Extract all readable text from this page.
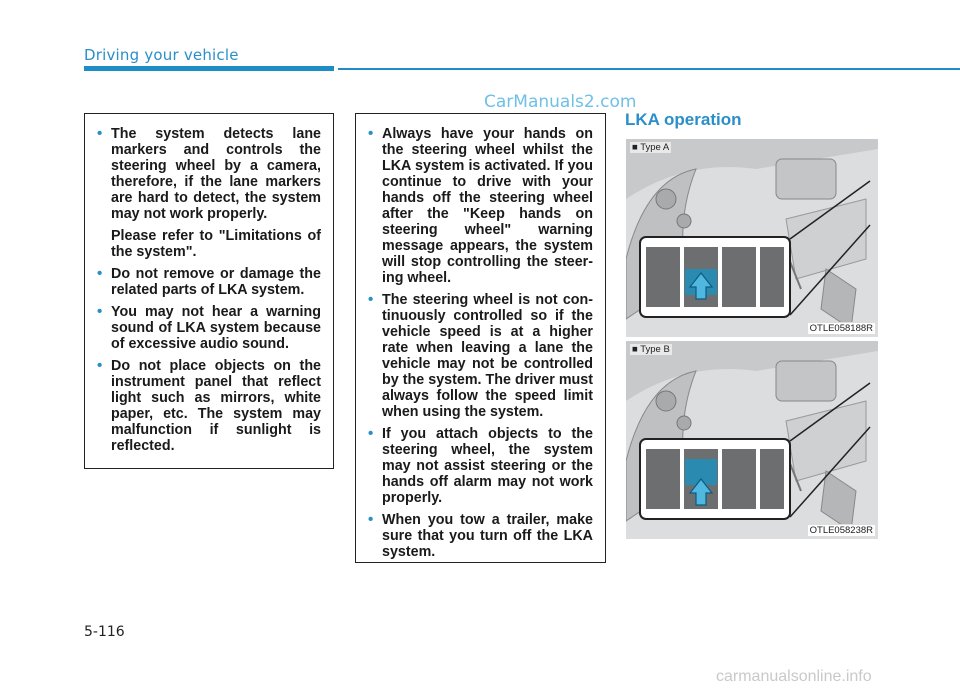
Driving your vehicle
CarManuals2.com

• The system detects lane markers and controls the steering wheel by a camera, therefore, if the lane markers are hard to detect, the system may not work properly.

Please refer to "Limitations of the system".

• Do not remove or damage the related parts of LKA system.

• You may not hear a warning sound of LKA system because of excessive audio sound.

• Do not place objects on the instrument panel that reflect light such as mirrors, white paper, etc. The system may malfunction if sunlight is reflected.

• Always have your hands on the steering wheel whilst the LKA system is activated. If you continue to drive with your hands off the steering wheel after the "Keep hands on steering wheel" warning message appears, the system will stop controlling the steer-ing wheel.

• The steering wheel is not con-tinuously controlled so if the vehicle speed is at a higher rate when leaving a lane the vehicle may not be controlled by the system. The driver must always follow the speed limit when using the system.

• If you attach objects to the steering wheel, the system may not assist steering or the hands off alarm may not work properly.

• When you tow a trailer, make sure that you turn off the LKA system.

LKA operation
■ Type A
OTLE058188R
■ Type B
OTLE058238R
5-116
carmanualsonline.info
